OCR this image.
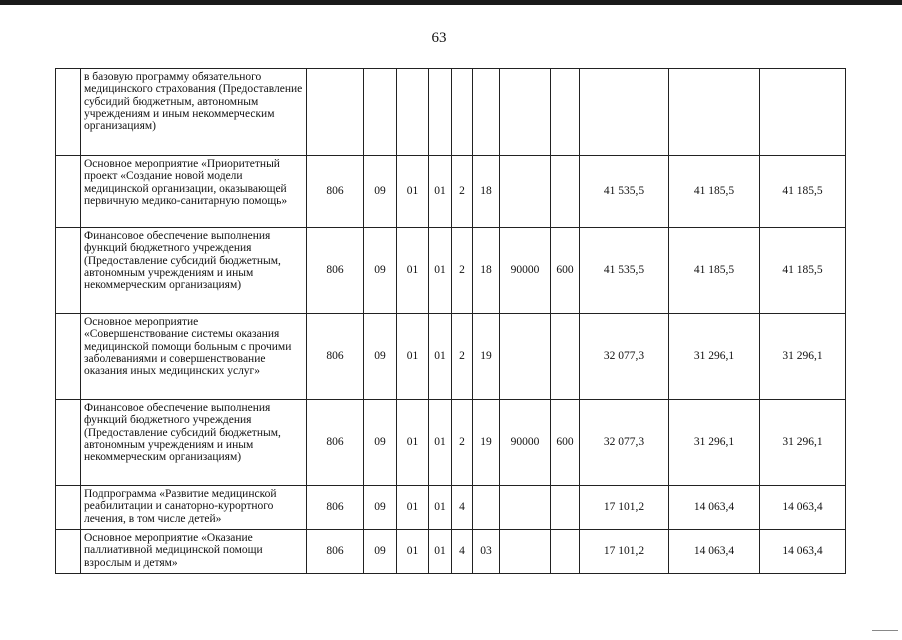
63
	в базовую программу обязательного медицинского страхования (Предоставление субсидий бюджетным, автономным учреждениям и иным некоммерческим организациям)											
	Основное мероприятие «Приоритетный проект «Создание новой модели медицинской организации, оказывающей первичную медико-санитарную помощь»	806	09	01	01	2	18			41 535,5	41 185,5	41 185,5
	Финансовое обеспечение выполнения функций бюджетного учреждения (Предоставление субсидий бюджетным, автономным учреждениям и иным некоммерческим организациям)	806	09	01	01	2	18	90000	600	41 535,5	41 185,5	41 185,5
	Основное мероприятие «Совершенствование системы оказания медицинской помощи больным с прочими заболеваниями и совершенствование оказания иных медицинских услуг»	806	09	01	01	2	19			32 077,3	31 296,1	31 296,1
	Финансовое обеспечение выполнения функций бюджетного учреждения (Предоставление субсидий бюджетным, автономным учреждениям и иным некоммерческим организациям)	806	09	01	01	2	19	90000	600	32 077,3	31 296,1	31 296,1
	Подпрограмма «Развитие медицинской реабилитации и санаторно-курортного лечения, в том числе детей»	806	09	01	01	4				17 101,2	14 063,4	14 063,4
	Основное мероприятие «Оказание паллиативной медицинской помощи взрослым и детям»	806	09	01	01	4	03			17 101,2	14 063,4	14 063,4
